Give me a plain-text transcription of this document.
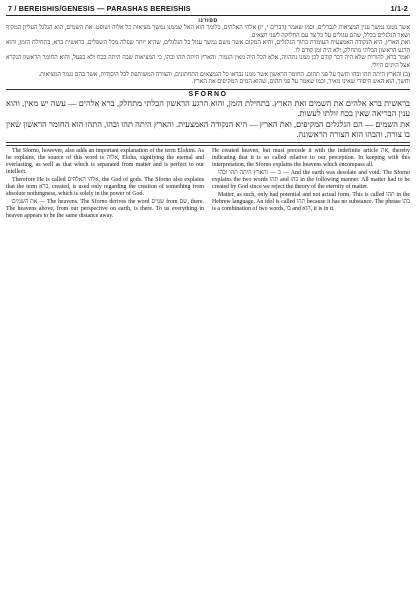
7 / BEREISHIS/GENESIS — PARASHAS BEREISHIS	1/1-2
ספורנו

אשר ממנו נמשך ענין המציאות לנבדלים, וכמו שאמר (דברים י, יז) אלהי האלהים, כלומר הוא האל שממנו נמשך מציאות כל אלוה ושופט. את השמים, הוא הגלגל העליון המקיף ושאר הגלגלים בכלל, שהם עגולים על כל צד עם החלוקה לשני חצאים.

ואת הארץ, היא הנקודה האמצעית העומדת בתוך הגלגלים, והיא המקום אשר משם נמשך עגול כל הגלגלים, שהיא יותר שפלה מכל השפלים. בראשית ברא, בתחילת הזמן, והוא הרגע הראשון הבלתי מתחלק, ולא היה זמן קודם לו.

ואמר ברא, להורות שלא היה דבר קודם לכן ממנו נתהווה, אלא הכל היה מאין הגמור. והארץ היתה תהו ובהו, כי המציאות שבה היתה בכח ולא בפעל, והוא החומר הראשון הנקרא אצל היונים היולי.

(ב) והארץ היתה תהו ובהו וחשך על פני תהום. החומר הראשון אשר ממנו נבראו כל הנמצאים התחתונים, והצורה המשותפת לכל היסודות, אשר בהם נגמר המציאות.

וחשך, הוא האש היסודי שאינו מאיר, וכמו שאמר על פני תהום, שהוא המים המקיפים את הארץ.

SFORNO

בראשית ברא אלהים את השמים ואת הארץ. בתחילת הזמן, והוא הרגע הראשון הבלתי מתחלק, ברא אלהים — עשה יש מאין, והוא ענין הבריאה שאין בכח זולתו לעשות.

את השמים — הם הגלגלים המקיפים, ואת הארץ — היא הנקודה האמצעית. והארץ היתה תהו ובהו, התהו הוא החומר הראשון שאין בו צורה, והבהו הוא הצורה הראשונה.

The Sforno, however, also adds an important explanation of the term Elohim. As he explains, the source of this word is אלוה, Eloha, signifying the eternal and everlasting, as well as that which is separated from matter and is perfect to our intellect.

Therefore He is called אלהי האלהים, the God of gods. The Sforno also explains that the term ברא, created, is used only regarding the creation of something from absolute nothingness, which is solely in the power of God.

את השמים — The heavens. The Sforno derives the word שמים from שם, there. The heavens above, from our perspective on earth, is there. To us everything in heaven appears to be the same distance away.

He created heaven, but must precede it with the indefinite article את, thereby indicating that it is so called relative to our perception. In keeping with this interpretation, the Sforno explains the heavens which encompass all.

ב — והארץ היתה תהו ובהו — And the earth was desolate and void. The Sforno explains the two words תהו and בהו in the following manner. All matter had to be created by God since we reject the theory of the eternity of matter.

Matter, as such, only had potential and not actual form. This is called תהו in the Hebrew language. An idol is called תהו because it has no substance. The phrase בהו is a combination of two words, בו and הוא, it is in it.
